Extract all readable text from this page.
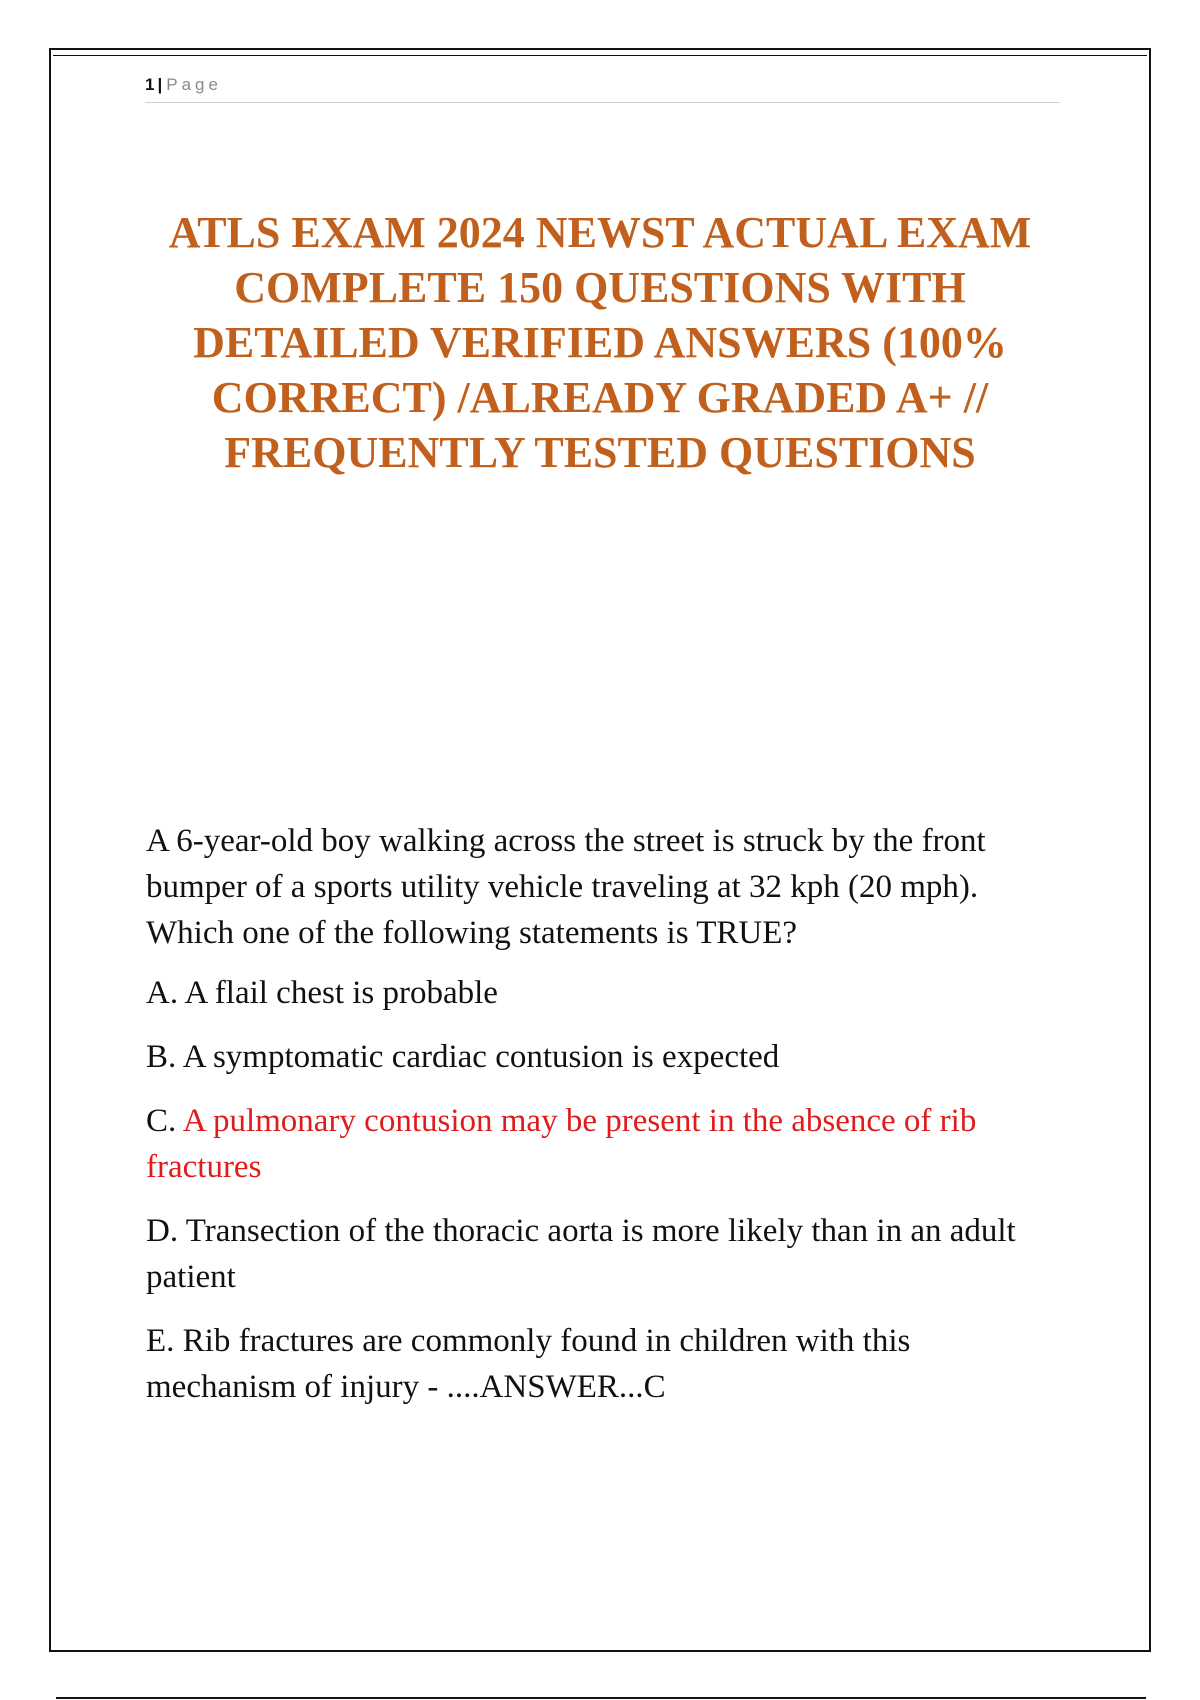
1 | Page
ATLS EXAM 2024 NEWST ACTUAL EXAM COMPLETE 150 QUESTIONS WITH DETAILED VERIFIED ANSWERS (100% CORRECT) /ALREADY GRADED A+ // FREQUENTLY TESTED QUESTIONS

A 6-year-old boy walking across the street is struck by the front bumper of a sports utility vehicle traveling at 32 kph (20 mph). Which one of the following statements is TRUE?

A. A flail chest is probable

B. A symptomatic cardiac contusion is expected

C. A pulmonary contusion may be present in the absence of rib fractures

D. Transection of the thoracic aorta is more likely than in an adult patient

E. Rib fractures are commonly found in children with this mechanism of injury - ....ANSWER...C
